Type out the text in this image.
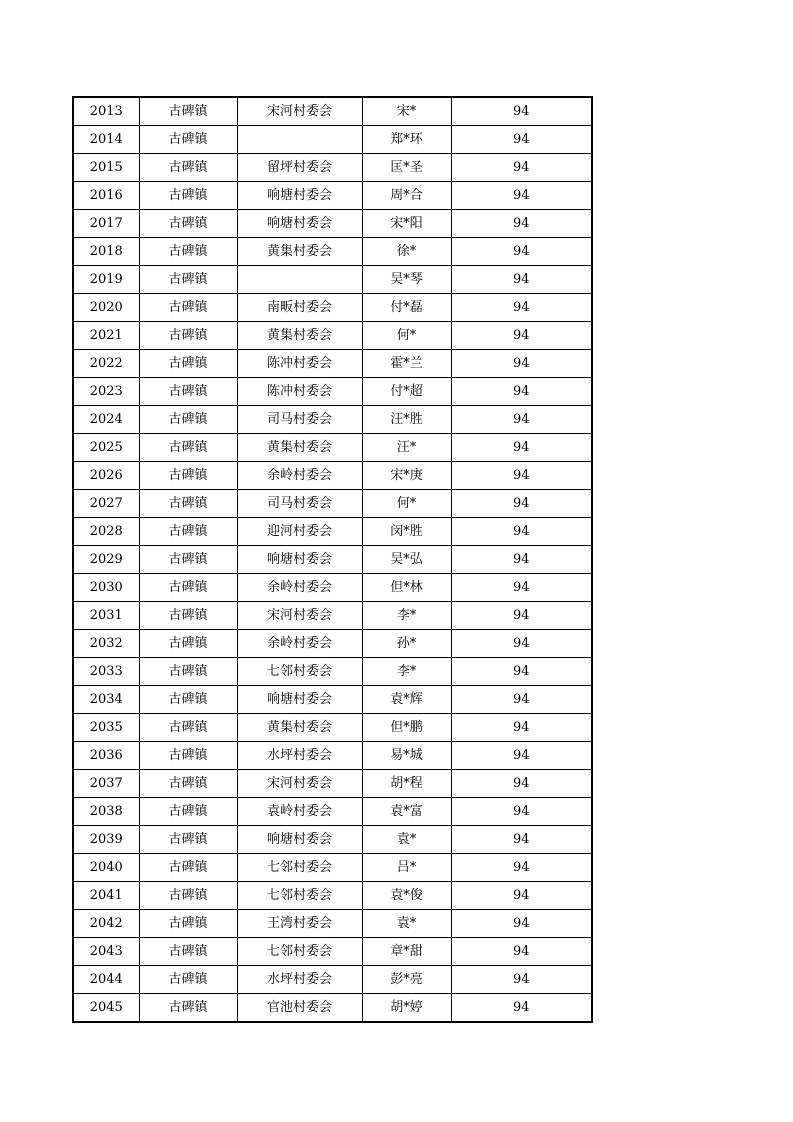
2013	古碑镇	宋河村委会	宋*	94
2014	古碑镇		郑*环	94
2015	古碑镇	留坪村委会	匡*圣	94
2016	古碑镇	响塘村委会	周*合	94
2017	古碑镇	响塘村委会	宋*阳	94
2018	古碑镇	黄集村委会	徐*	94
2019	古碑镇		吴*琴	94
2020	古碑镇	南畈村委会	付*磊	94
2021	古碑镇	黄集村委会	何*	94
2022	古碑镇	陈冲村委会	霍*兰	94
2023	古碑镇	陈冲村委会	付*超	94
2024	古碑镇	司马村委会	汪*胜	94
2025	古碑镇	黄集村委会	汪*	94
2026	古碑镇	余岭村委会	宋*庚	94
2027	古碑镇	司马村委会	何*	94
2028	古碑镇	迎河村委会	闵*胜	94
2029	古碑镇	响塘村委会	吴*弘	94
2030	古碑镇	余岭村委会	但*林	94
2031	古碑镇	宋河村委会	李*	94
2032	古碑镇	余岭村委会	孙*	94
2033	古碑镇	七邻村委会	李*	94
2034	古碑镇	响塘村委会	袁*辉	94
2035	古碑镇	黄集村委会	但*鹏	94
2036	古碑镇	水坪村委会	易*城	94
2037	古碑镇	宋河村委会	胡*程	94
2038	古碑镇	袁岭村委会	袁*富	94
2039	古碑镇	响塘村委会	袁*	94
2040	古碑镇	七邻村委会	吕*	94
2041	古碑镇	七邻村委会	袁*俊	94
2042	古碑镇	王湾村委会	袁*	94
2043	古碑镇	七邻村委会	章*甜	94
2044	古碑镇	水坪村委会	彭*亮	94
2045	古碑镇	官池村委会	胡*婷	94
